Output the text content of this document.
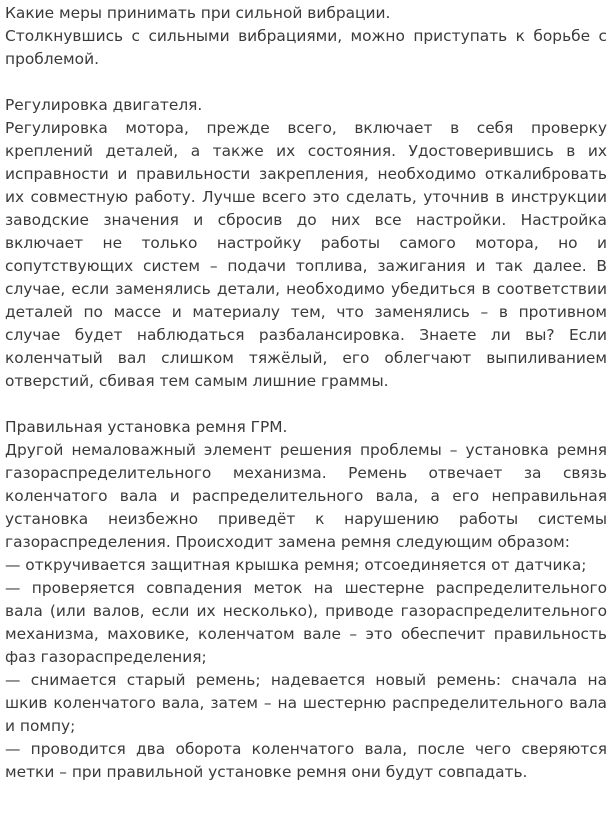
Какие меры принимать при сильной вибрации.

Столкнувшись с сильными вибрациями, можно приступать к борьбе с проблемой.

Регулировка двигателя.

Регулировка мотора, прежде всего, включает в себя проверку креплений деталей, а также их состояния. Удостоверившись в их исправности и правильности закрепления, необходимо откалибровать их совместную работу. Лучше всего это сделать, уточнив в инструкции заводские значения и сбросив до них все настройки. Настройка включает не только настройку работы самого мотора, но и сопутствующих систем – подачи топлива, зажигания и так далее. В случае, если заменялись детали, необходимо убедиться в соответствии деталей по массе и материалу тем, что заменялись – в противном случае будет наблюдаться разбалансировка. Знаете ли вы? Если коленчатый вал слишком тяжёлый, его облегчают выпиливанием отверстий, сбивая тем самым лишние граммы.

Правильная установка ремня ГРМ.

Другой немаловажный элемент решения проблемы – установка ремня газораспределительного механизма. Ремень отвечает за связь коленчатого вала и распределительного вала, а его неправильная установка неизбежно приведёт к нарушению работы системы газораспределения. Происходит замена ремня следующим образом:

— откручивается защитная крышка ремня; отсоединяется от датчика;

— проверяется совпадения меток на шестерне распределительного вала (или валов, если их несколько), приводе газораспределительного механизма, маховике, коленчатом вале – это обеспечит правильность фаз газораспределения;

— снимается старый ремень; надевается новый ремень: сначала на шкив коленчатого вала, затем – на шестерню распределительного вала и помпу;

— проводится два оборота коленчатого вала, после чего сверяются метки – при правильной установке ремня они будут совпадать.
